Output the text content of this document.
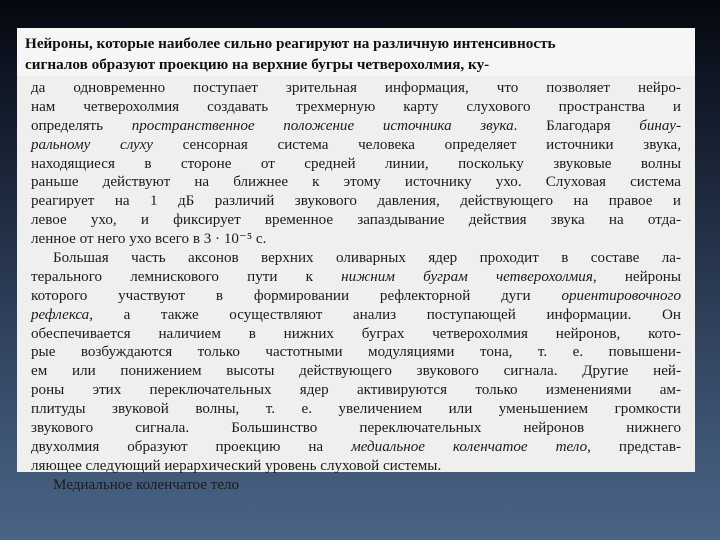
Нейроны, которые наиболее сильно реагируют на различную интенсивность
сигналов образуют проекцию на верхние бугры четверохолмия, ку-
да одновременно поступает зрительная информация, что позволяет нейро-
нам четверохолмия создавать трехмерную карту слухового пространства и
определять пространственное положение источника звука. Благодаря бинау-
ральному слуху сенсорная система человека определяет источники звука,
находящиеся в стороне от средней линии, поскольку звуковые волны
раньше действуют на ближнее к этому источнику ухо. Слуховая система
реагирует на 1 дБ различий звукового давления, действующего на правое и
левое ухо, и фиксирует временное запаздывание действия звука на отда-
ленное от него ухо всего в 3 · 10⁻⁵ с.
Большая часть аксонов верхних оливарных ядер проходит в составе ла-
терального лемнискового пути к нижним буграм четверохолмия, нейроны
которого участвуют в формировании рефлекторной дуги ориентировочного
рефлекса, а также осуществляют анализ поступающей информации. Он
обеспечивается наличием в нижних буграх четверохолмия нейронов, кото-
рые возбуждаются только частотными модуляциями тона, т. е. повышени-
ем или понижением высоты действующего звукового сигнала. Другие ней-
роны этих переключательных ядер активируются только изменениями ам-
плитуды звуковой волны, т. е. увеличением или уменьшением громкости
звукового сигнала. Большинство переключательных нейронов нижнего
двухолмия образуют проекцию на медиальное коленчатое тело, представ-
ляющее следующий иерархический уровень слуховой системы.
Медиальное коленчатое тело
